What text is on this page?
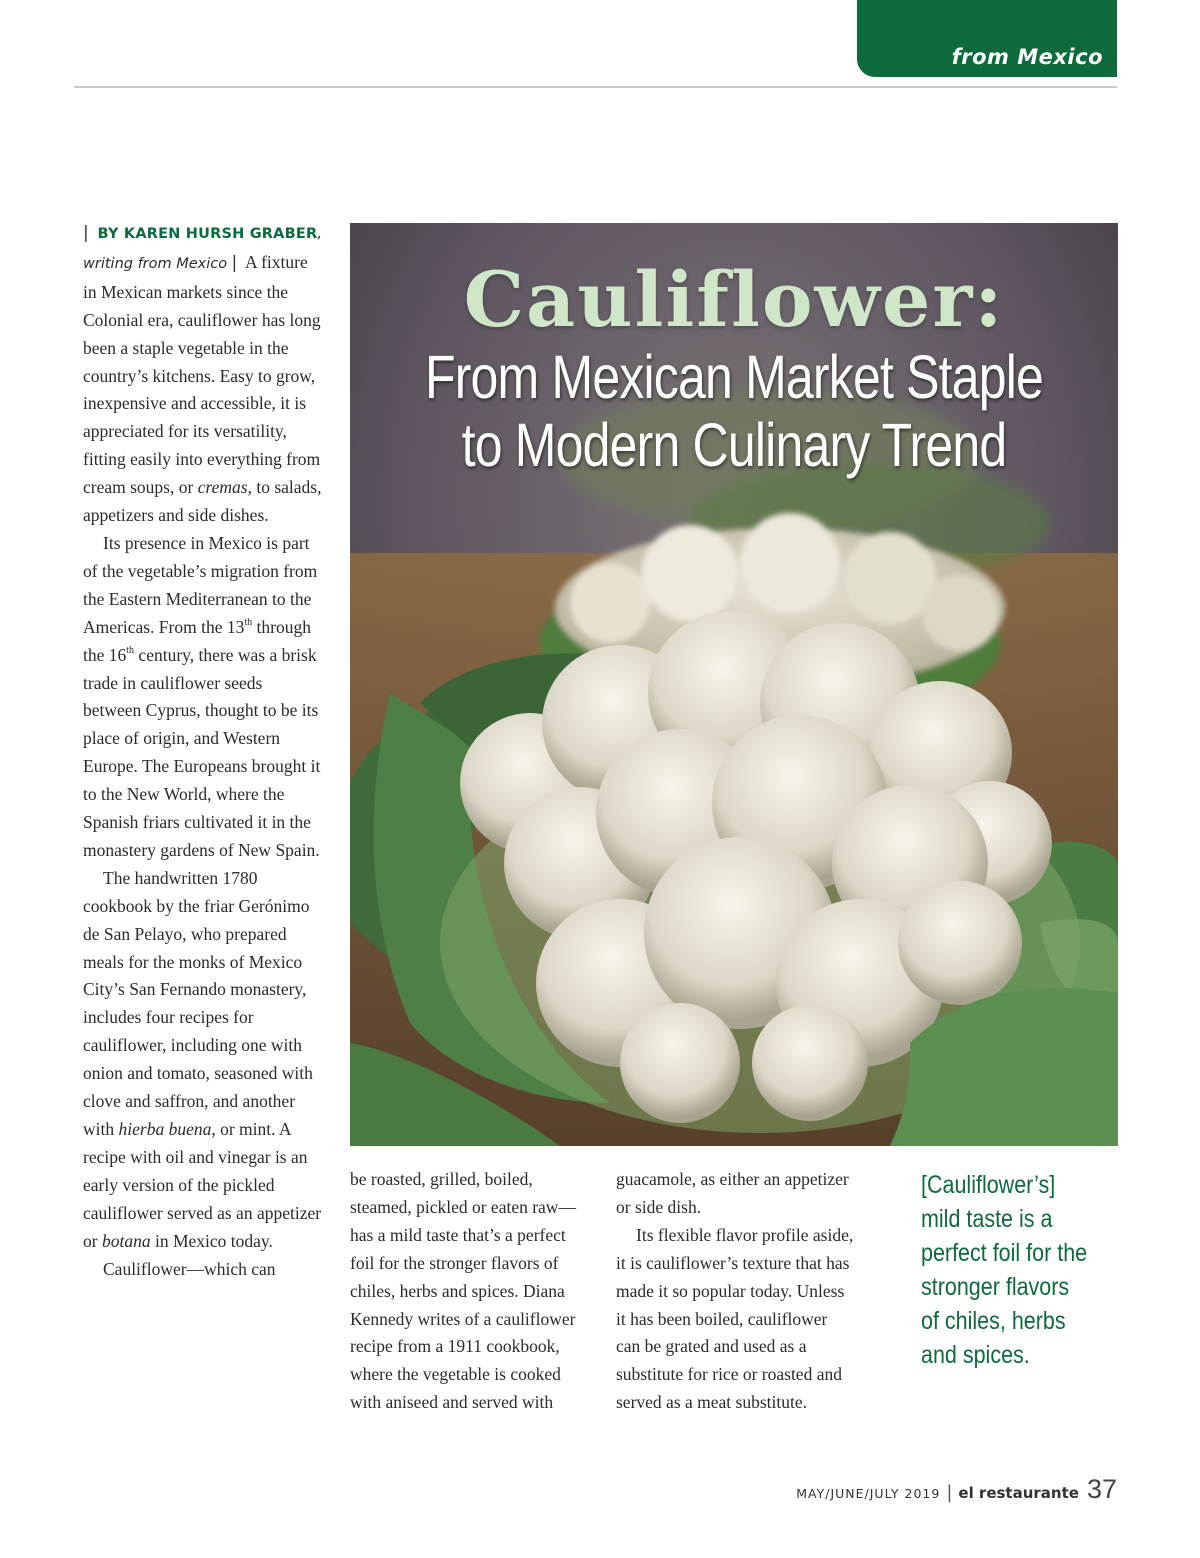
from Mexico

| BY KAREN HURSH GRABER,
writing from Mexico | A fixture in Mexican markets since the Colonial era, cauliflower has long been a staple vegetable in the country’s kitchens. Easy to grow, inexpensive and accessible, it is appreciated for its versatility, fitting easily into everything from cream soups, or cremas, to salads, appetizers and side dishes.

Its presence in Mexico is part of the vegetable’s migration from the Eastern Mediterranean to the Americas. From the 13th through the 16th century, there was a brisk trade in cauliflower seeds between Cyprus, thought to be its place of origin, and Western Europe. The Europeans brought it to the New World, where the Spanish friars cultivated it in the monastery gardens of New Spain.

The handwritten 1780 cookbook by the friar Gerónimo de San Pelayo, who prepared meals for the monks of Mexico City’s San Fernando monastery, includes four recipes for cauliflower, including one with onion and tomato, seasoned with clove and saffron, and another with hierba buena, or mint. A recipe with oil and vinegar is an early version of the pickled cauliflower served as an appetizer or botana in Mexico today.

Cauliflower—which can

Cauliflower:
From Mexican Market Staple
to Modern Culinary Trend

be roasted, grilled, boiled, steamed, pickled or eaten raw—has a mild taste that’s a perfect foil for the stronger flavors of chiles, herbs and spices. Diana Kennedy writes of a cauliflower recipe from a 1911 cookbook, where the vegetable is cooked with aniseed and served with

guacamole, as either an appetizer or side dish.

Its flexible flavor profile aside, it is cauliflower’s texture that has made it so popular today. Unless it has been boiled, cauliflower can be grated and used as a substitute for rice or roasted and served as a meat substitute.

[Cauliflower’s] mild taste is a perfect foil for the stronger flavors of chiles, herbs and spices.
MAY/JUNE/JULY 2019 | el restaurante 37
